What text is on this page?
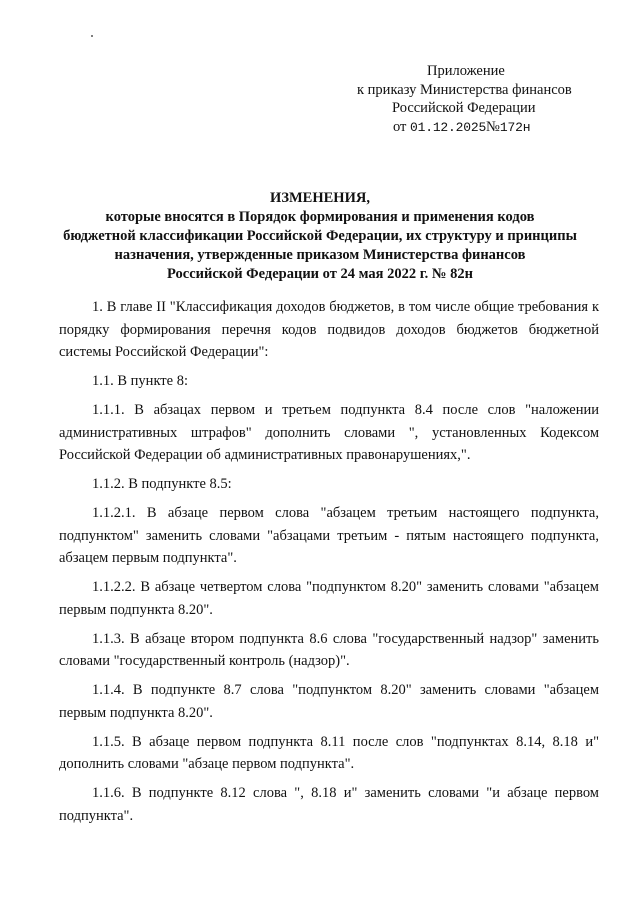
Приложение
к приказу Министерства финансов
Российской Федерации
от 01.12.2025№172н
ИЗМЕНЕНИЯ,
которые вносятся в Порядок формирования и применения кодов
бюджетной классификации Российской Федерации, их структуру и принципы
назначения, утвержденные приказом Министерства финансов
Российской Федерации от 24 мая 2022 г. № 82н

1. В главе II "Классификация доходов бюджетов, в том числе общие требования к порядку формирования перечня кодов подвидов доходов бюджетов бюджетной системы Российской Федерации":

1.1. В пункте 8:

1.1.1. В абзацах первом и третьем подпункта 8.4 после слов "наложении административных штрафов" дополнить словами ", установленных Кодексом Российской Федерации об административных правонарушениях,".

1.1.2. В подпункте 8.5:

1.1.2.1. В абзаце первом слова "абзацем третьим настоящего подпункта, подпунктом" заменить словами "абзацами третьим - пятым настоящего подпункта, абзацем первым подпункта".

1.1.2.2. В абзаце четвертом слова "подпунктом 8.20" заменить словами "абзацем первым подпункта 8.20".

1.1.3. В абзаце втором подпункта 8.6 слова "государственный надзор" заменить словами "государственный контроль (надзор)".

1.1.4. В подпункте 8.7 слова "подпунктом 8.20" заменить словами "абзацем первым подпункта 8.20".

1.1.5. В абзаце первом подпункта 8.11 после слов "подпунктах 8.14, 8.18 и" дополнить словами "абзаце первом подпункта".

1.1.6. В подпункте 8.12 слова ", 8.18 и" заменить словами "и абзаце первом подпункта".
